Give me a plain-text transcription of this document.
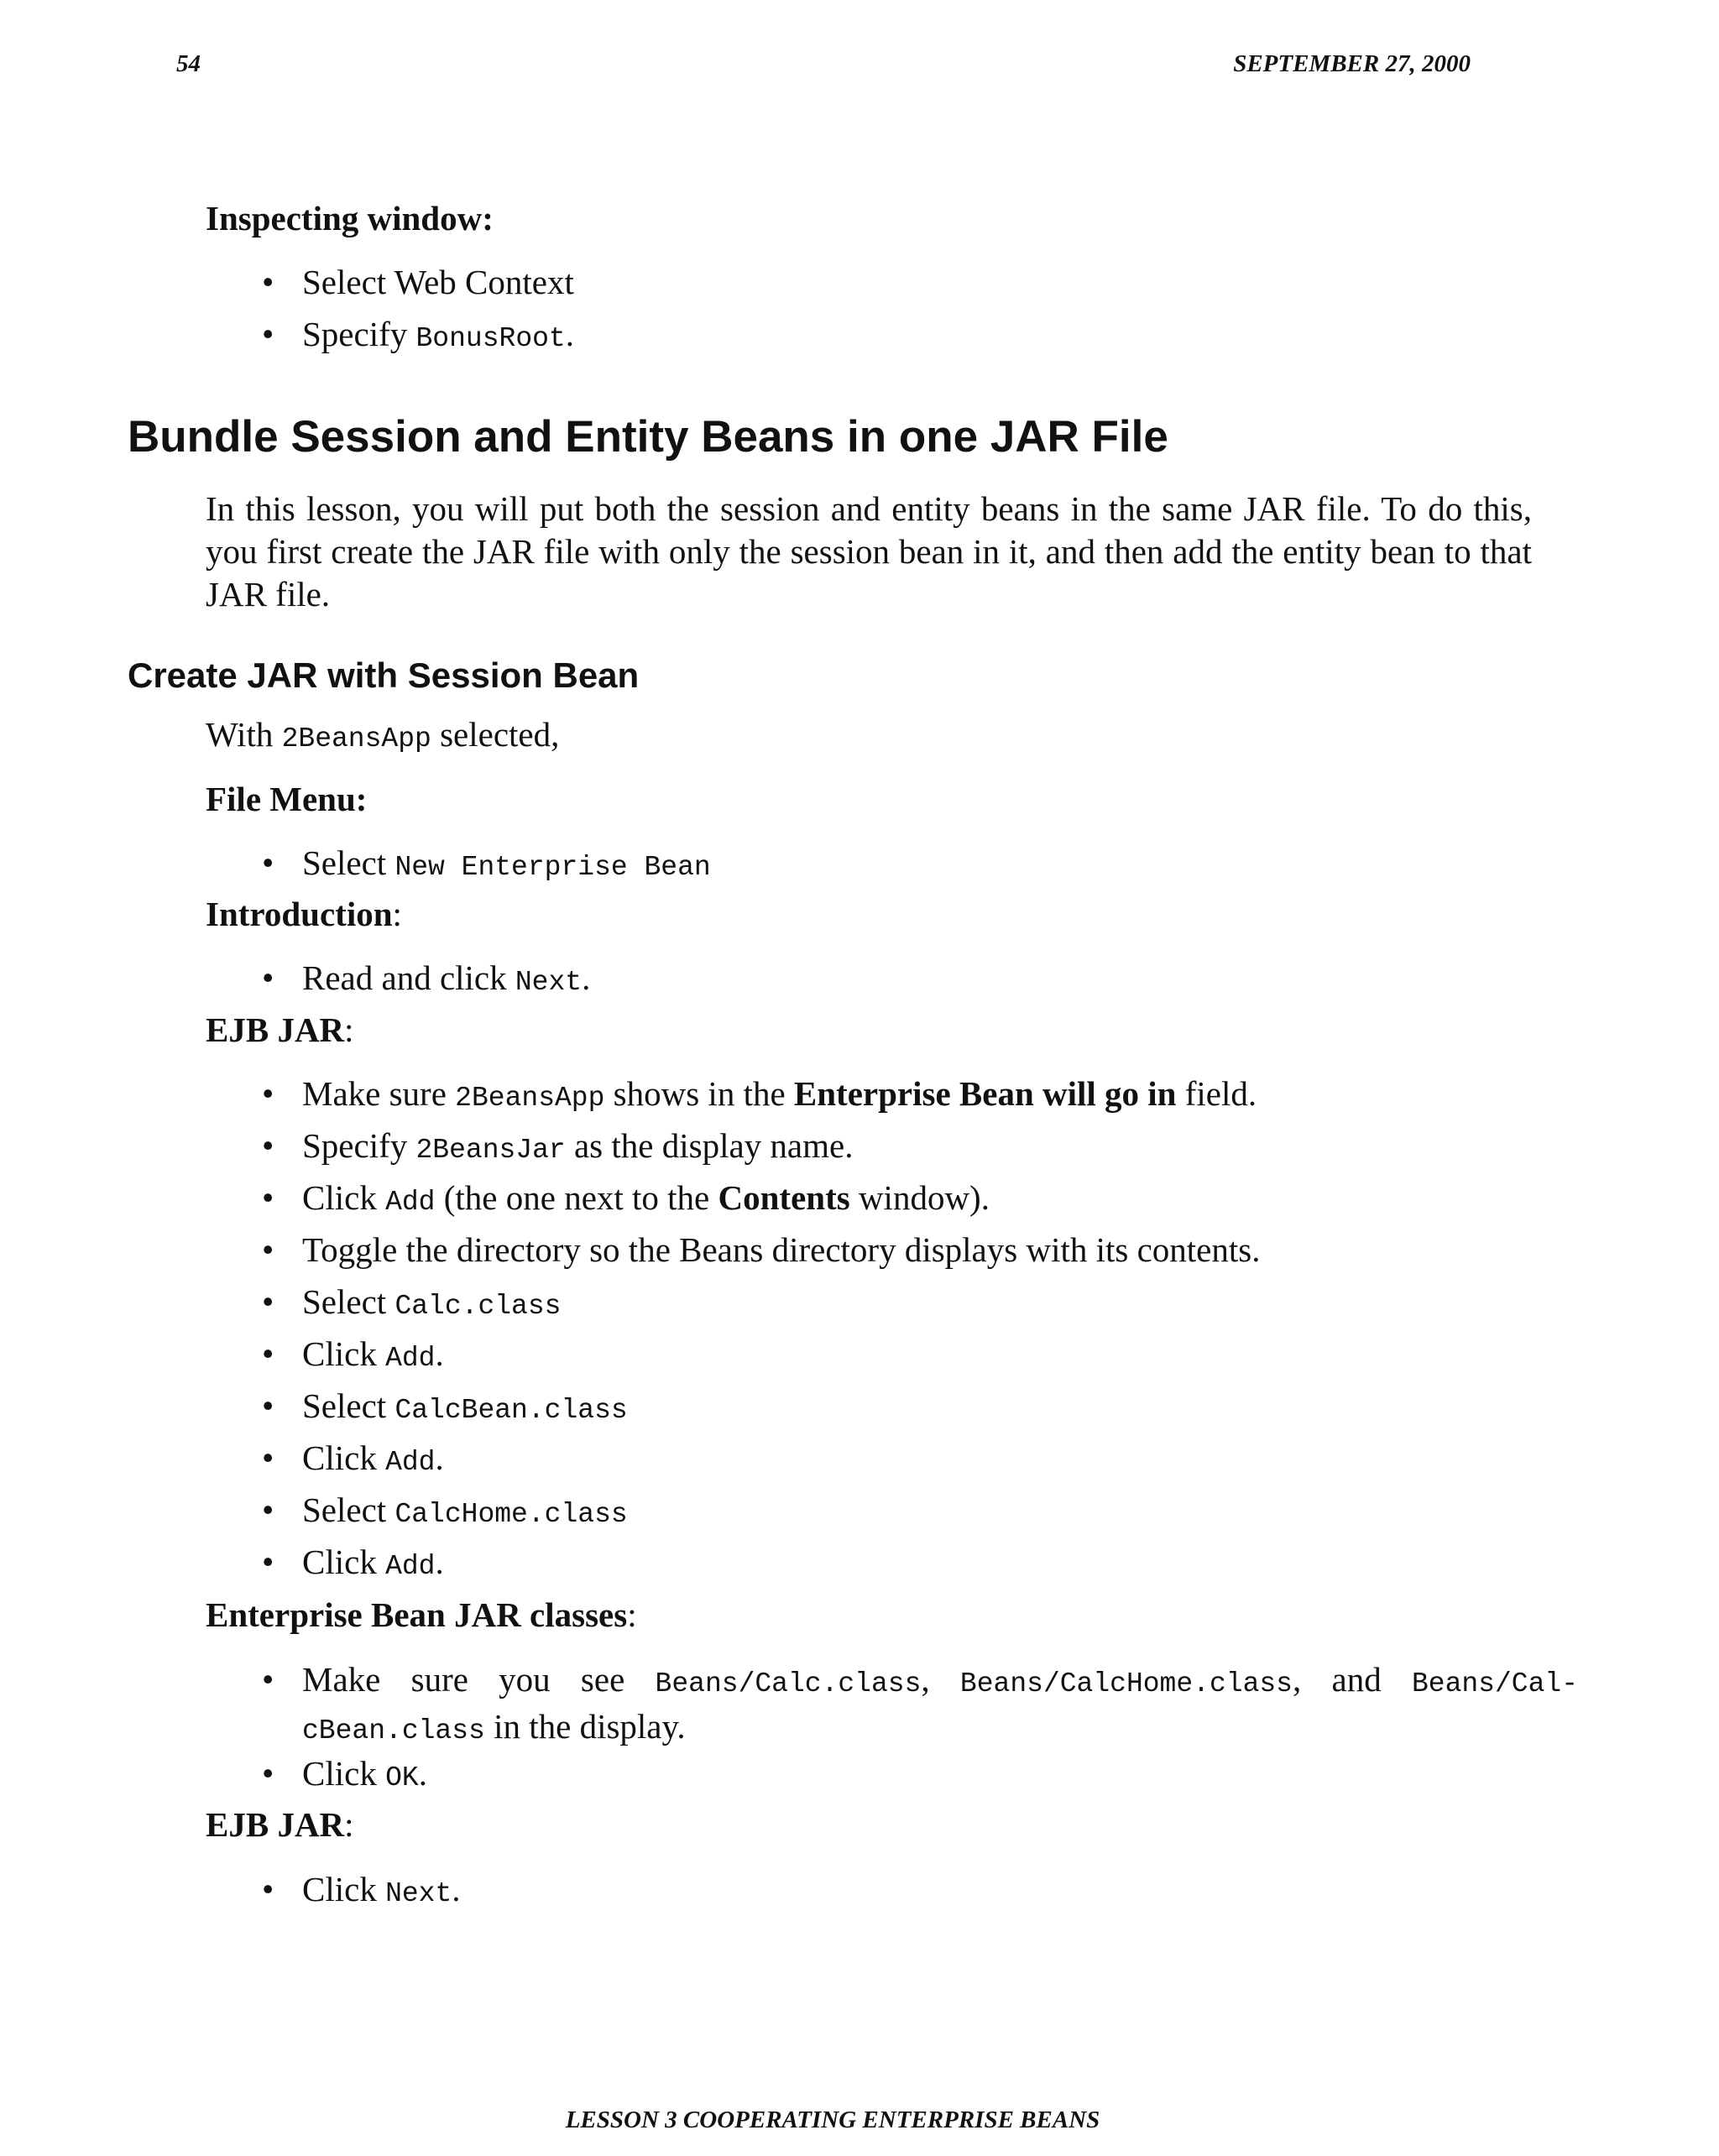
54	SEPTEMBER 27, 2000
Inspecting window:
• Select Web Context
• Specify BonusRoot.
Bundle Session and Entity Beans in one JAR File
In this lesson, you will put both the session and entity beans in the same JAR file. To do this, you first create the JAR file with only the session bean in it, and then add the entity bean to that JAR file.
Create JAR with Session Bean
With 2BeansApp selected,
File Menu:
• Select New Enterprise Bean
Introduction:
• Read and click Next.
EJB JAR:
• Make sure 2BeansApp shows in the Enterprise Bean will go in field.
• Specify 2BeansJar as the display name.
• Click Add (the one next to the Contents window).
• Toggle the directory so the Beans directory displays with its contents.
• Select Calc.class
• Click Add.
• Select CalcBean.class
• Click Add.
• Select CalcHome.class
• Click Add.
Enterprise Bean JAR classes:
• Make sure you see Beans/Calc.class, Beans/CalcHome.class, and Beans/Cal-cBean.class in the display.
• Click OK.
EJB JAR:
• Click Next.
LESSON 3 COOPERATING ENTERPRISE BEANS
